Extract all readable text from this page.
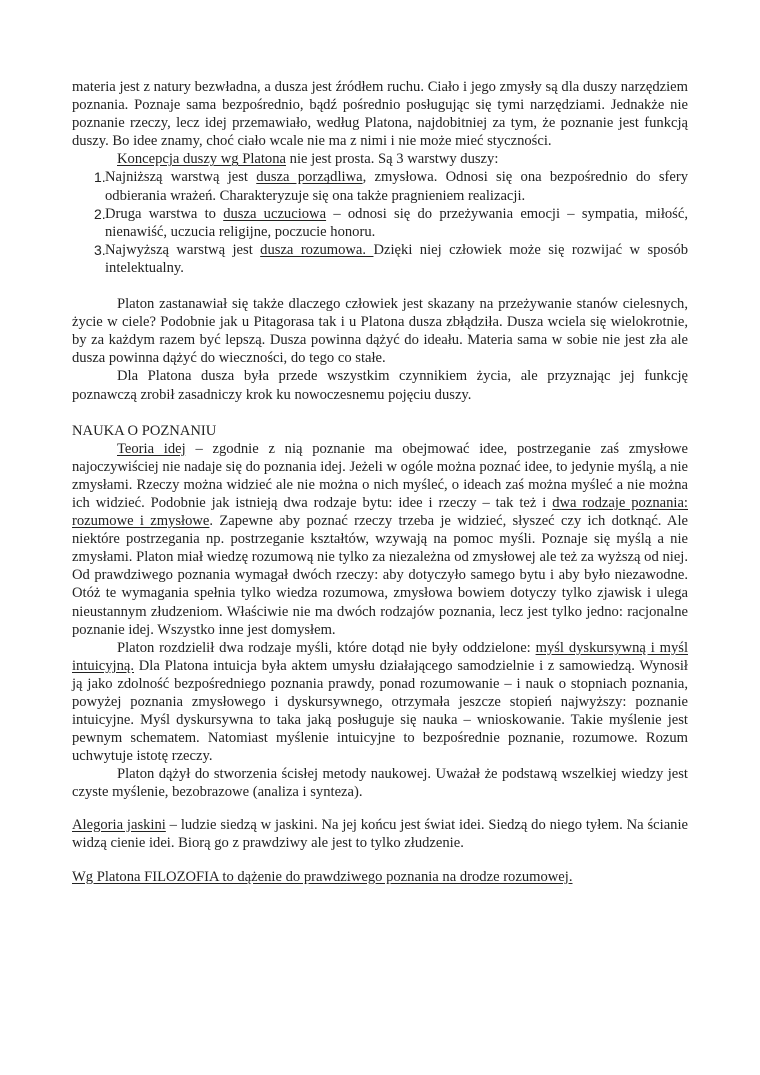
materia jest z natury bezwładna, a dusza jest źródłem ruchu. Ciało i jego zmysły są dla duszy narzędziem poznania. Poznaje sama bezpośrednio, bądź pośrednio posługując się tymi narzędziami. Jednakże nie poznanie rzeczy, lecz idej przemawiało, według Platona, najdobitniej za tym, że poznanie jest funkcją duszy. Bo idee znamy, choć ciało wcale nie ma z nimi i nie może mieć styczności.

Koncepcja duszy wg Platona nie jest prosta. Są 3 warstwy duszy:

1. Najniższą warstwą jest dusza porządliwa, zmysłowa. Odnosi się ona bezpośrednio do sfery odbierania wrażeń. Charakteryzuje się ona także pragnieniem realizacji.
2. Druga warstwa to dusza uczuciowa – odnosi się do przeżywania emocji – sympatia, miłość, nienawiść, uczucia religijne, poczucie honoru.
3. Najwyższą warstwą jest dusza rozumowa. Dzięki niej człowiek może się rozwijać w sposób intelektualny.

Platon zastanawiał się także dlaczego człowiek jest skazany na przeżywanie stanów cielesnych, życie w ciele? Podobnie jak u Pitagorasa tak i u Platona dusza zbłądziła. Dusza wciela się wielokrotnie, by za każdym razem być lepszą. Dusza powinna dążyć do ideału. Materia sama w sobie nie jest zła ale dusza powinna dążyć do wieczności, do tego co stałe.

Dla Platona dusza była przede wszystkim czynnikiem życia, ale przyznając jej funkcję poznawczą zrobił zasadniczy krok ku nowoczesnemu pojęciu duszy.

NAUKA O POZNANIU

Teoria idej – zgodnie z nią poznanie ma obejmować idee, postrzeganie zaś zmysłowe najoczywiściej nie nadaje się do poznania idej. Jeżeli w ogóle można poznać idee, to jedynie myślą, a nie zmysłami. Rzeczy można widzieć ale nie można o nich myśleć, o ideach zaś można myśleć a nie można ich widzieć. Podobnie jak istnieją dwa rodzaje bytu: idee i rzeczy – tak też i dwa rodzaje poznania: rozumowe i zmysłowe. Zapewne aby poznać rzeczy trzeba je widzieć, słyszeć czy ich dotknąć. Ale niektóre postrzegania np. postrzeganie kształtów, wzywają na pomoc myśli. Poznaje się myślą a nie zmysłami. Platon miał wiedzę rozumową nie tylko za niezależna od zmysłowej ale też za wyższą od niej. Od prawdziwego poznania wymagał dwóch rzeczy: aby dotyczyło samego bytu i aby było niezawodne. Otóż te wymagania spełnia tylko wiedza rozumowa, zmysłowa bowiem dotyczy tylko zjawisk i ulega nieustannym złudzeniom. Właściwie nie ma dwóch rodzajów poznania, lecz jest tylko jedno: racjonalne poznanie idej. Wszystko inne jest domysłem.

Platon rozdzielił dwa rodzaje myśli, które dotąd nie były oddzielone: myśl dyskursywną i myśl intuicyjną. Dla Platona intuicja była aktem umysłu działającego samodzielnie i z samowiedzą. Wynosił ją jako zdolność bezpośredniego poznania prawdy, ponad rozumowanie – i nauk o stopniach poznania, powyżej poznania zmysłowego i dyskursywnego, otrzymała jeszcze stopień najwyższy: poznanie intuicyjne. Myśl dyskursywna to taka jaką posługuje się nauka – wnioskowanie. Takie myślenie jest pewnym schematem. Natomiast myślenie intuicyjne to bezpośrednie poznanie, rozumowe. Rozum uchwytuje istotę rzeczy.

Platon dążył do stworzenia ścisłej metody naukowej. Uważał że podstawą wszelkiej wiedzy jest czyste myślenie, bezobrazowe (analiza i synteza).

Alegoria jaskini – ludzie siedzą w jaskini. Na jej końcu jest świat idei. Siedzą do niego tyłem. Na ścianie widzą cienie idei. Biorą go z prawdziwy ale jest to tylko złudzenie.

Wg Platona FILOZOFIA to dążenie do prawdziwego poznania na drodze rozumowej.
